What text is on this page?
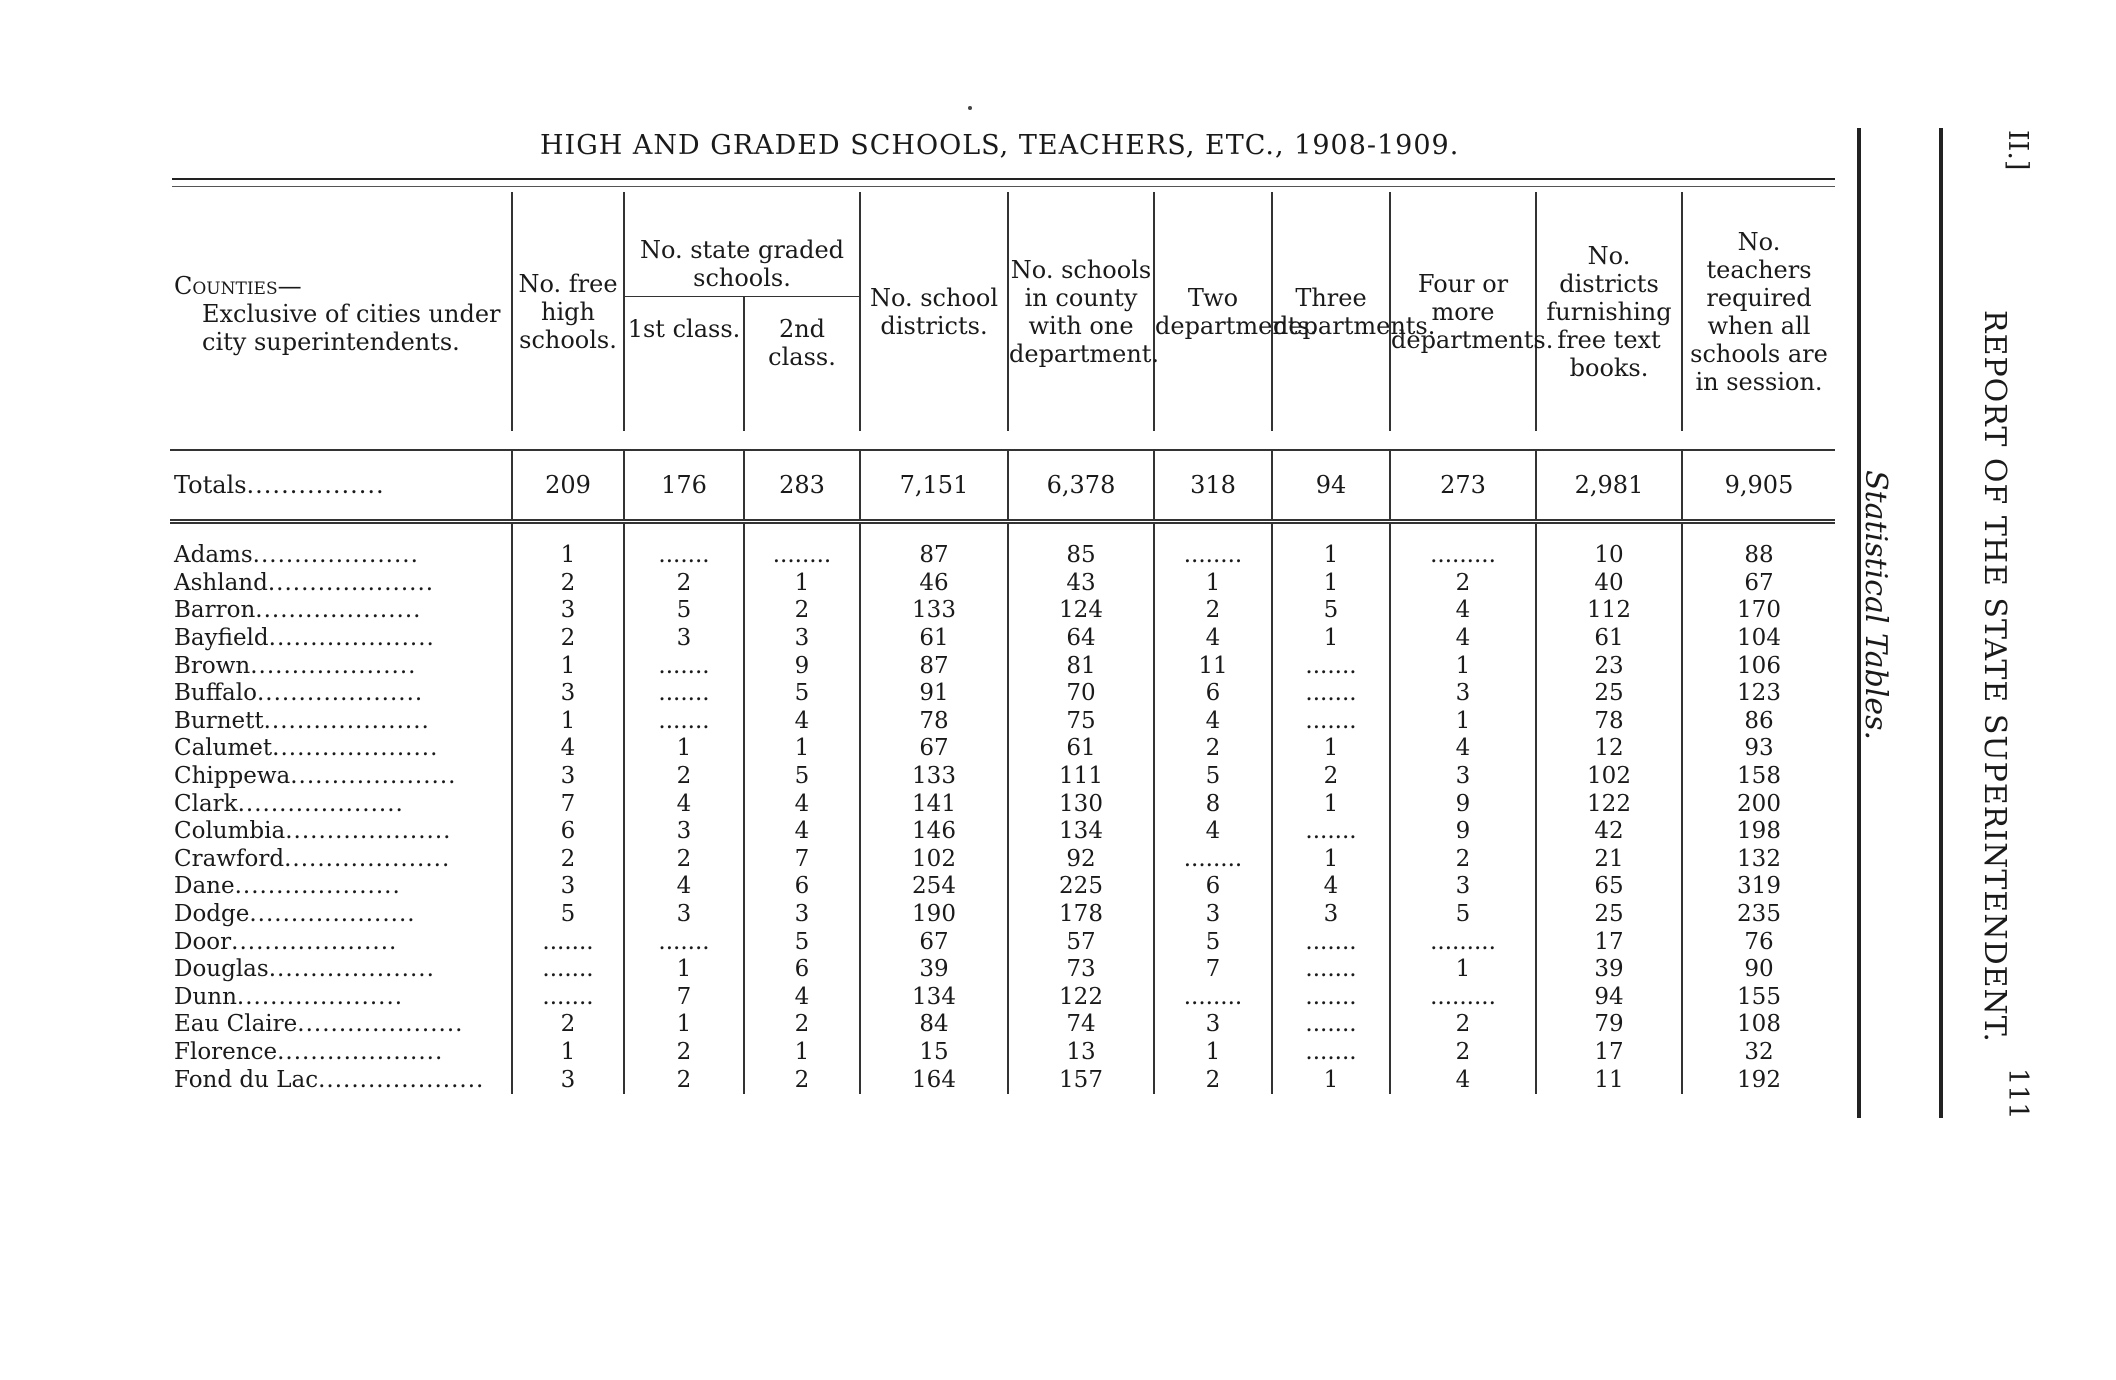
HIGH AND GRADED SCHOOLS, TEACHERS, ETC., 1908-1909.
Counties—
Exclusive of cities under city superintendents.	No. free high schools.	No. state graded schools.		No. school districts.	No. schools in county with one department.	Two departments.	Three departments.	Four or more departments.	No. districts furnishing free text books.	No. teachers required when all schools are in session.
		1st class.	2nd class.							

Totals................	209	176	283	7,151	6,378	318	94	273	2,981	9,905

Adams....................	1	.......	........	87	85	........	1	.........	10	88
Ashland....................	2	2	1	46	43	1	1	2	40	67
Barron....................	3	5	2	133	124	2	5	4	112	170
Bayfield....................	2	3	3	61	64	4	1	4	61	104
Brown....................	1	.......	9	87	81	11	.......	1	23	106
Buffalo....................	3	.......	5	91	70	6	.......	3	25	123
Burnett....................	1	.......	4	78	75	4	.......	1	78	86
Calumet....................	4	1	1	67	61	2	1	4	12	93
Chippewa....................	3	2	5	133	111	5	2	3	102	158
Clark....................	7	4	4	141	130	8	1	9	122	200
Columbia....................	6	3	4	146	134	4	.......	9	42	198
Crawford....................	2	2	7	102	92	........	1	2	21	132
Dane....................	3	4	6	254	225	6	4	3	65	319
Dodge....................	5	3	3	190	178	3	3	5	25	235
Door....................	.......	.......	5	67	57	5	.......	.........	17	76
Douglas....................	.......	1	6	39	73	7	.......	1	39	90
Dunn....................	.......	7	4	134	122	........	.......	.........	94	155
Eau Claire....................	2	1	2	84	74	3	.......	2	79	108
Florence....................	1	2	1	15	13	1	.......	2	17	32
Fond du Lac....................	3	2	2	164	157	2	1	4	11	192
II.]
REPORT OF THE STATE SUPERINTENDENT.
Statistical Tables.
111
